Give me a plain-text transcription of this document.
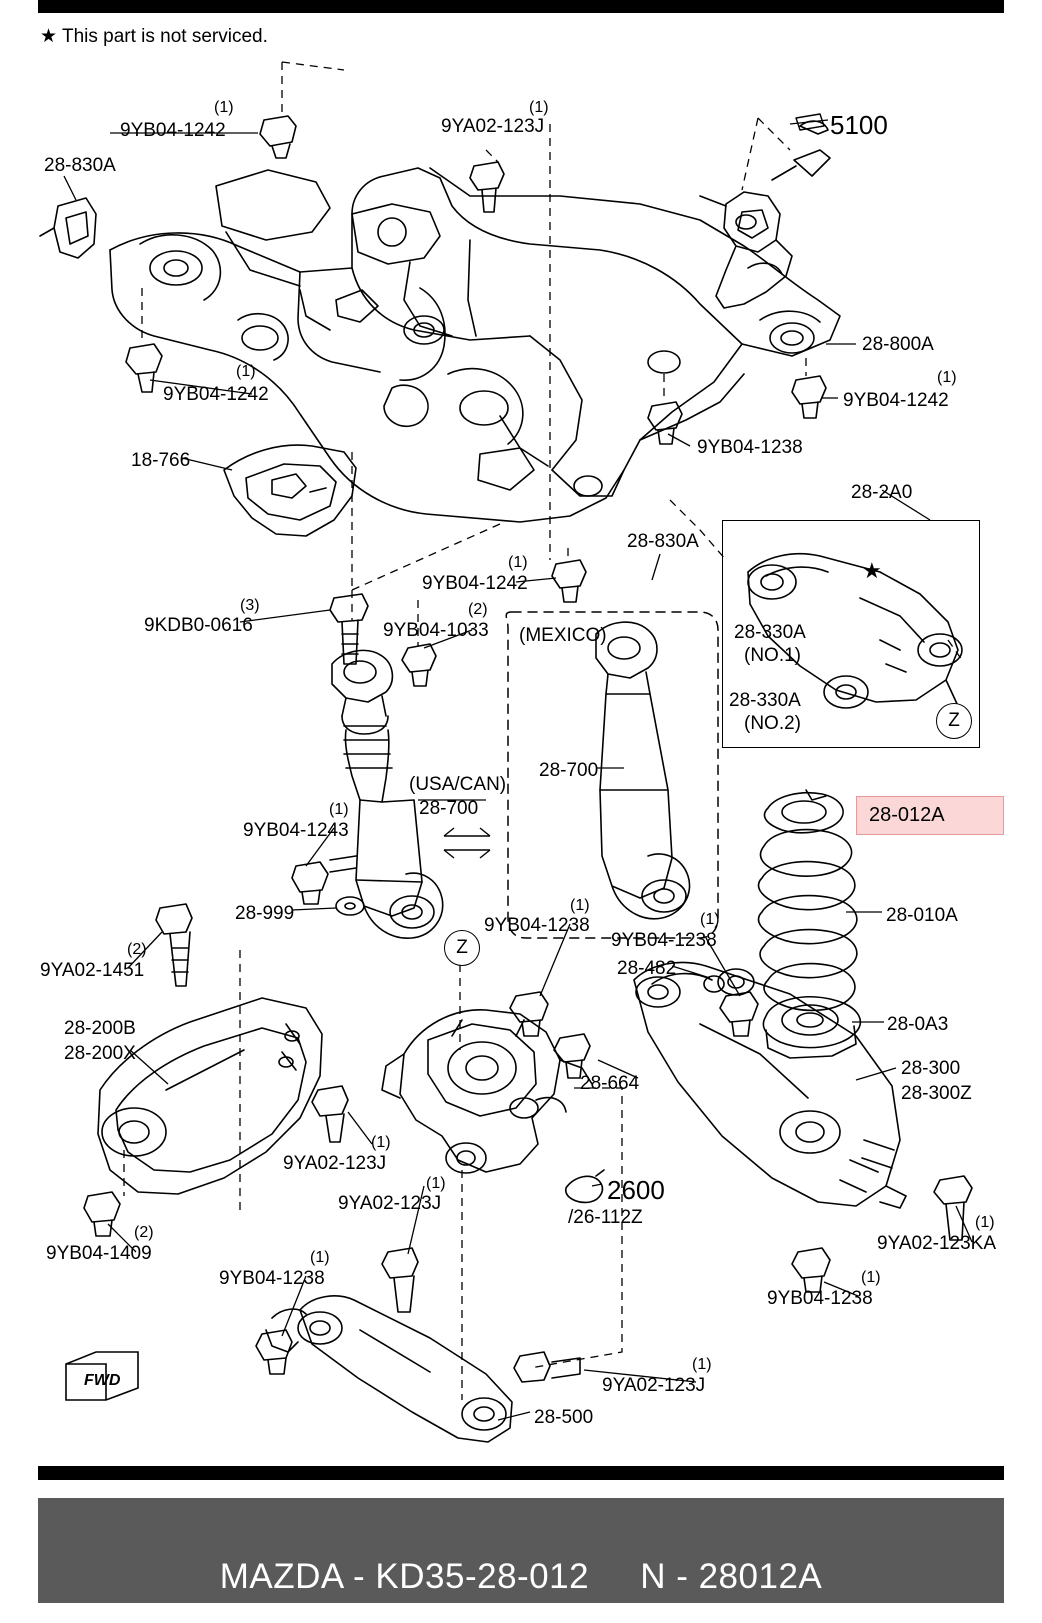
★ This part is not serviced.
28-012A
★
9YB04-1242
(1)
9YA02-123J
(1)
5100
28-830A
28-800A
9YB04-1242
(1)
9YB04-1242
(1)
9YB04-1238
18-766
28-2A0
28-830A
9YB04-1242
(1)
9KDB0-0616
(3)
9YB04-1033
(2)
(MEXICO)	28-330A
(NO.1)
28-330A
(NO.2)
28-700
(USA/CAN)
28-700
9YB04-1243
(1)
28-010A
28-999
9YB04-1238
(1)
9YB04-1238
(1)
28-482
9YA02-1451
(2)
28-0A3
28-200B
28-200X
28-300
28-300Z
28-664
9YA02-123J
(1)
9YA02-123J
(1)	2600
/26-112Z
9YB04-1409
(2)
9YB04-1238
(1)
9YA02-123KA
(1)
9YB04-1238
(1)
9YA02-123J
(1)
28-500
Z
Z
FWD
MAZDA - KD35-28-012     N - 28012A
